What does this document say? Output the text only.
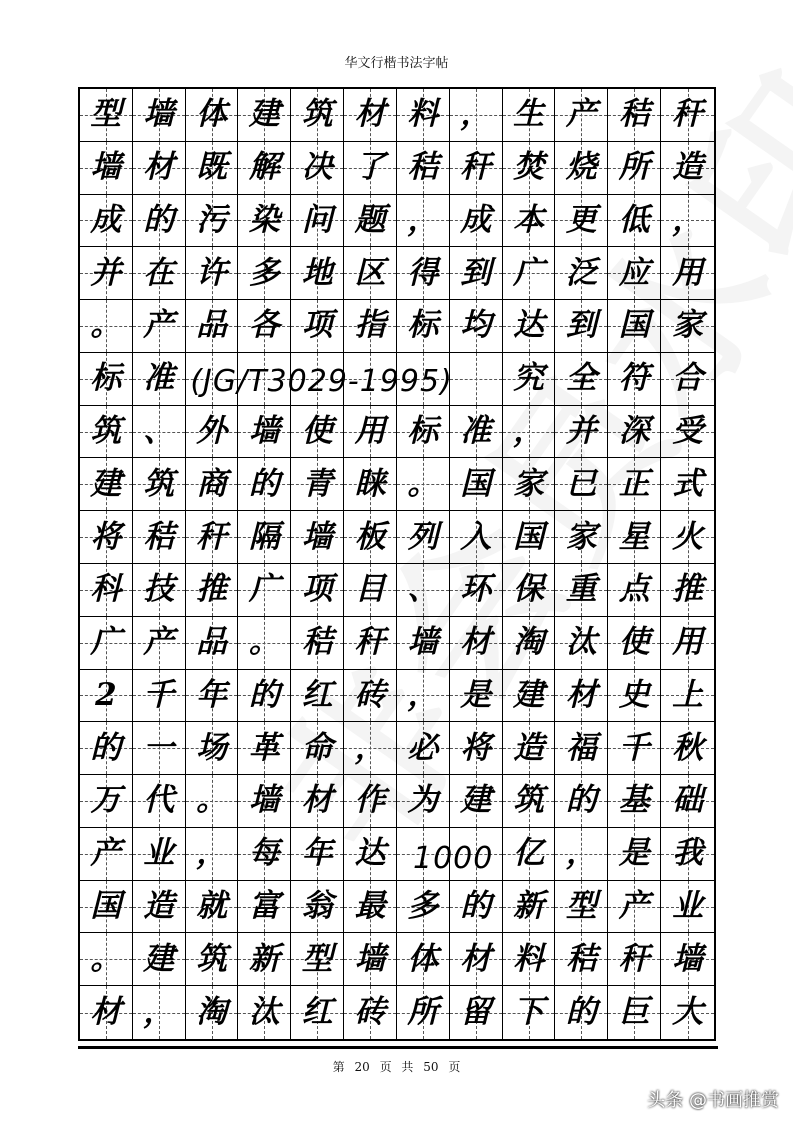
华文行楷书法字帖
型 墙 体 建 筑 材 料 ， 生 产 秸 秆
墙 材 既 解 决 了 秸 秆 焚 烧 所 造
成 的 污 染 问 题 ， 成 本 更 低 ，
并 在 许 多 地 区 得 到 广 泛 应 用
。 产 品 各 项 指 标 均 达 到 国 家
标 准	究 全 符 合
筑 、 外 墙 使 用 标 准 ， 并 深 受
建 筑 商 的 青 睐 。 国 家 已 正 式
将 秸 秆 隔 墙 板 列 入 国 家 星 火
科 技 推 广 项 目 、 环 保 重 点 推
广 产 品 。 秸 秆 墙 材 淘 汰 使 用
2 千 年 的 红 砖 ， 是 建 材 史 上
的 一 场 革 命 ， 必 将 造 福 千 秋
万 代 。 墙 材 作 为 建 筑 的 基 础
产 业 ， 每 年 达	亿 ， 是 我
国 造 就 富 翁 最 多 的 新 型 产 业
。 建 筑 新 型 墙 体 材 料 秸 秆 墙
材 ， 淘 汰 红 砖 所 留 下 的 巨 大
(JG/T3029-1995)
1000
第 20 页 共 50 页
头条 @书画推赏
